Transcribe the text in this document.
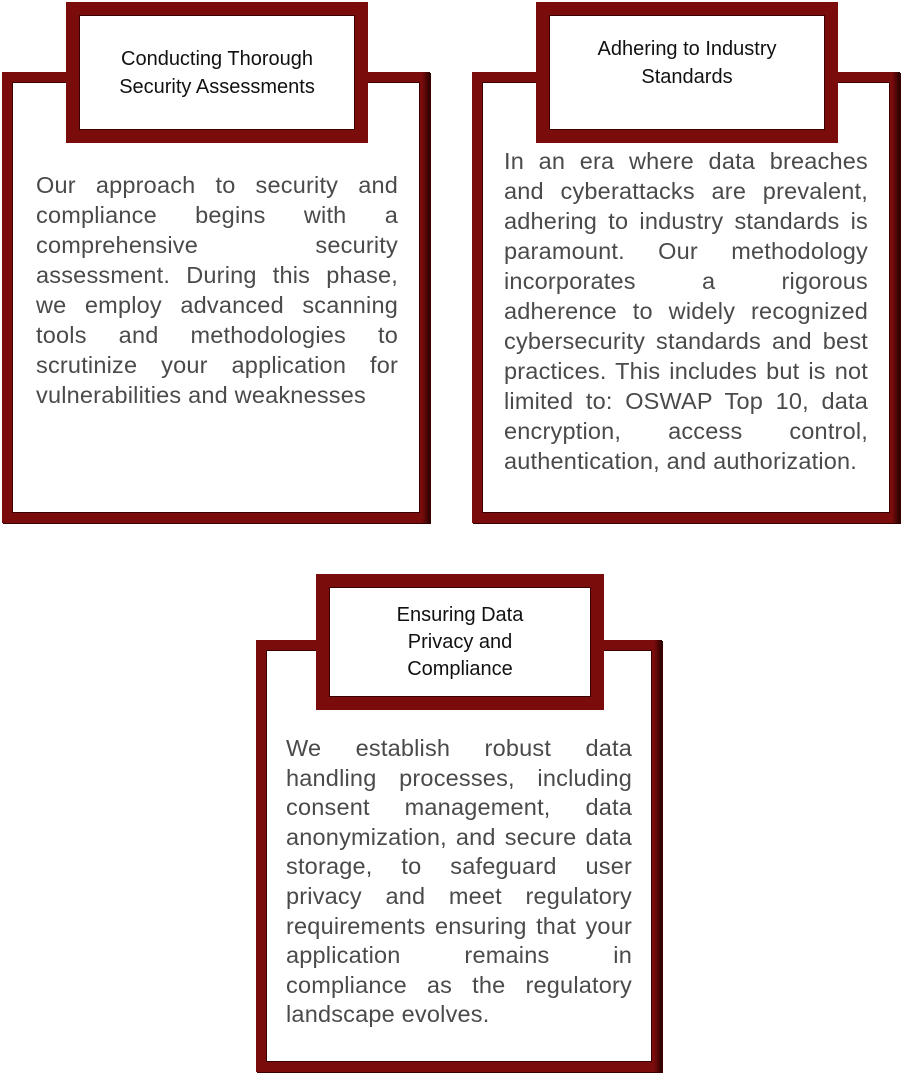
Conducting Thorough Security Assessments
Our approach to security and compliance begins with a comprehensive security assessment. During this phase, we employ advanced scanning tools and methodologies to scrutinize your application for vulnerabilities and weaknesses
Adhering to Industry Standards
In an era where data breaches and cyberattacks are prevalent, adhering to industry standards is paramount. Our methodology incorporates a rigorous adherence to widely recognized cybersecurity standards and best practices. This includes but is not limited to: OSWAP Top 10, data encryption, access control, authentication, and authorization.
Ensuring Data Privacy and Compliance
We establish robust data handling processes, including consent management, data anonymization, and secure data storage, to safeguard user privacy and meet regulatory requirements ensuring that your application remains in compliance as the regulatory landscape evolves.
